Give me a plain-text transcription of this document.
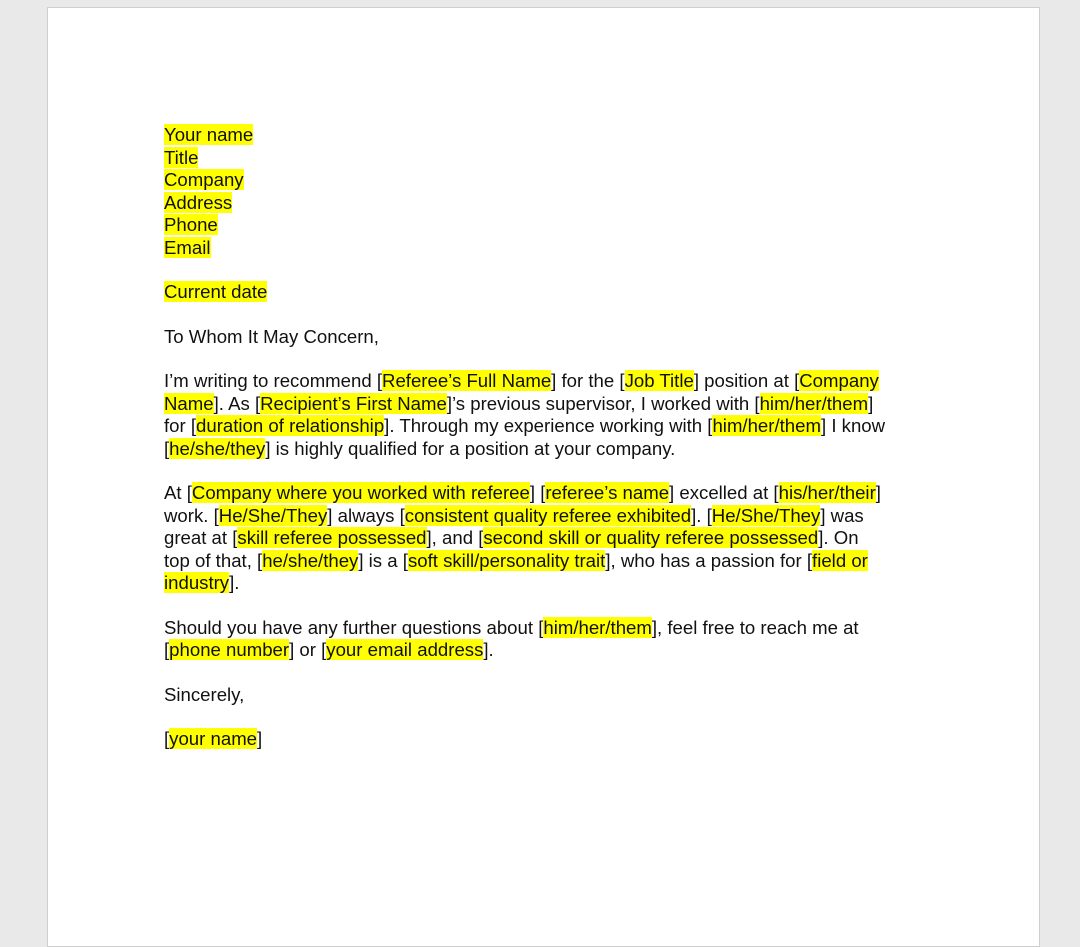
Your name
Title
Company
Address
Phone
Email
Current date
To Whom It May Concern,
I’m writing to recommend [Referee’s Full Name] for the [Job Title] position at [Company
Name]. As [Recipient’s First Name]’s previous supervisor, I worked with [him/her/them]
for [duration of relationship]. Through my experience working with [him/her/them] I know
[he/she/they] is highly qualified for a position at your company.
At [Company where you worked with referee] [referee’s name] excelled at [his/her/their]
work. [He/She/They] always [consistent quality referee exhibited]. [He/She/They] was
great at [skill referee possessed], and [second skill or quality referee possessed]. On
top of that, [he/she/they] is a [soft skill/personality trait], who has a passion for [field or
industry].
Should you have any further questions about [him/her/them], feel free to reach me at
[phone number] or [your email address].
Sincerely,
[your name]
